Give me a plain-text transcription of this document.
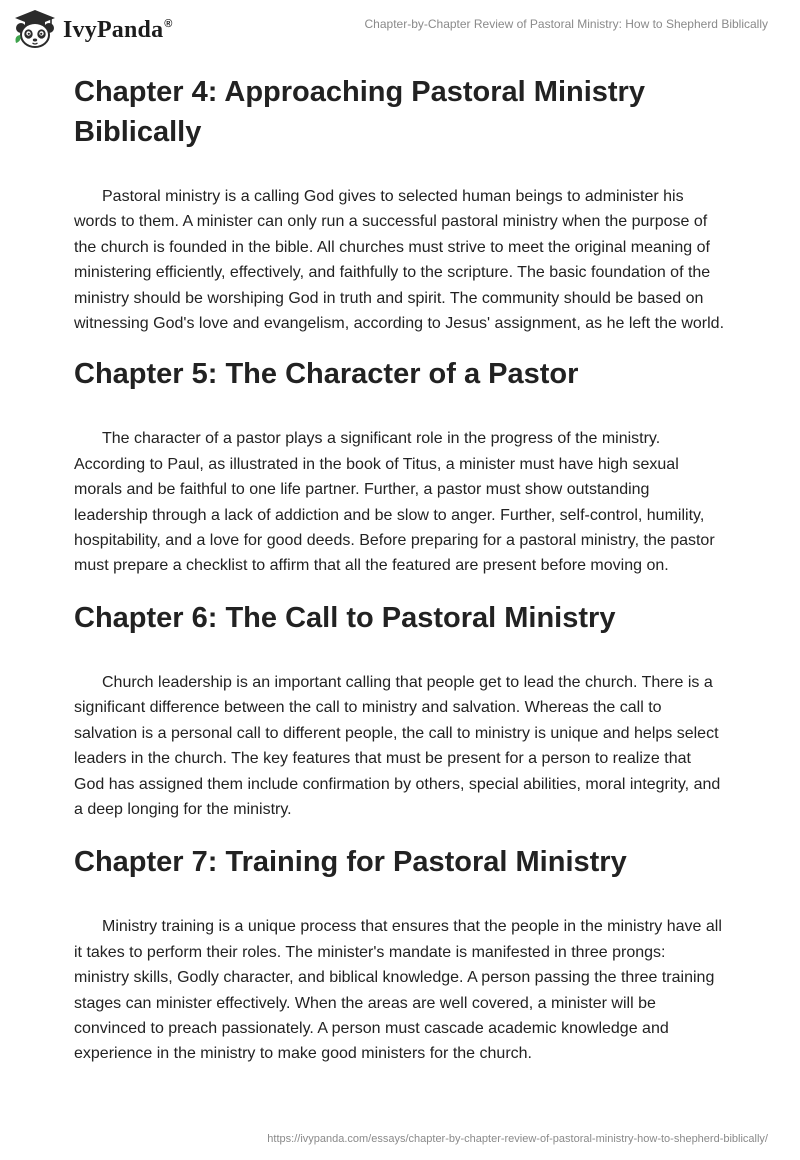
IvyPanda®	Chapter-by-Chapter Review of Pastoral Ministry: How to Shepherd Biblically
Chapter 4: Approaching Pastoral Ministry Biblically

Pastoral ministry is a calling God gives to selected human beings to administer his words to them. A minister can only run a successful pastoral ministry when the purpose of the church is founded in the bible. All churches must strive to meet the original meaning of ministering efficiently, effectively, and faithfully to the scripture. The basic foundation of the ministry should be worshiping God in truth and spirit. The community should be based on witnessing God's love and evangelism, according to Jesus' assignment, as he left the world.

Chapter 5: The Character of a Pastor

The character of a pastor plays a significant role in the progress of the ministry. According to Paul, as illustrated in the book of Titus, a minister must have high sexual morals and be faithful to one life partner. Further, a pastor must show outstanding leadership through a lack of addiction and be slow to anger. Further, self-control, humility, hospitability, and a love for good deeds. Before preparing for a pastoral ministry, the pastor must prepare a checklist to affirm that all the featured are present before moving on.

Chapter 6: The Call to Pastoral Ministry

Church leadership is an important calling that people get to lead the church. There is a significant difference between the call to ministry and salvation. Whereas the call to salvation is a personal call to different people, the call to ministry is unique and helps select leaders in the church. The key features that must be present for a person to realize that God has assigned them include confirmation by others, special abilities, moral integrity, and a deep longing for the ministry.

Chapter 7: Training for Pastoral Ministry

Ministry training is a unique process that ensures that the people in the ministry have all it takes to perform their roles. The minister's mandate is manifested in three prongs: ministry skills, Godly character, and biblical knowledge. A person passing the three training stages can minister effectively. When the areas are well covered, a minister will be convinced to preach passionately. A person must cascade academic knowledge and experience in the ministry to make good ministers for the church.

https://ivypanda.com/essays/chapter-by-chapter-review-of-pastoral-ministry-how-to-shepherd-biblically/
